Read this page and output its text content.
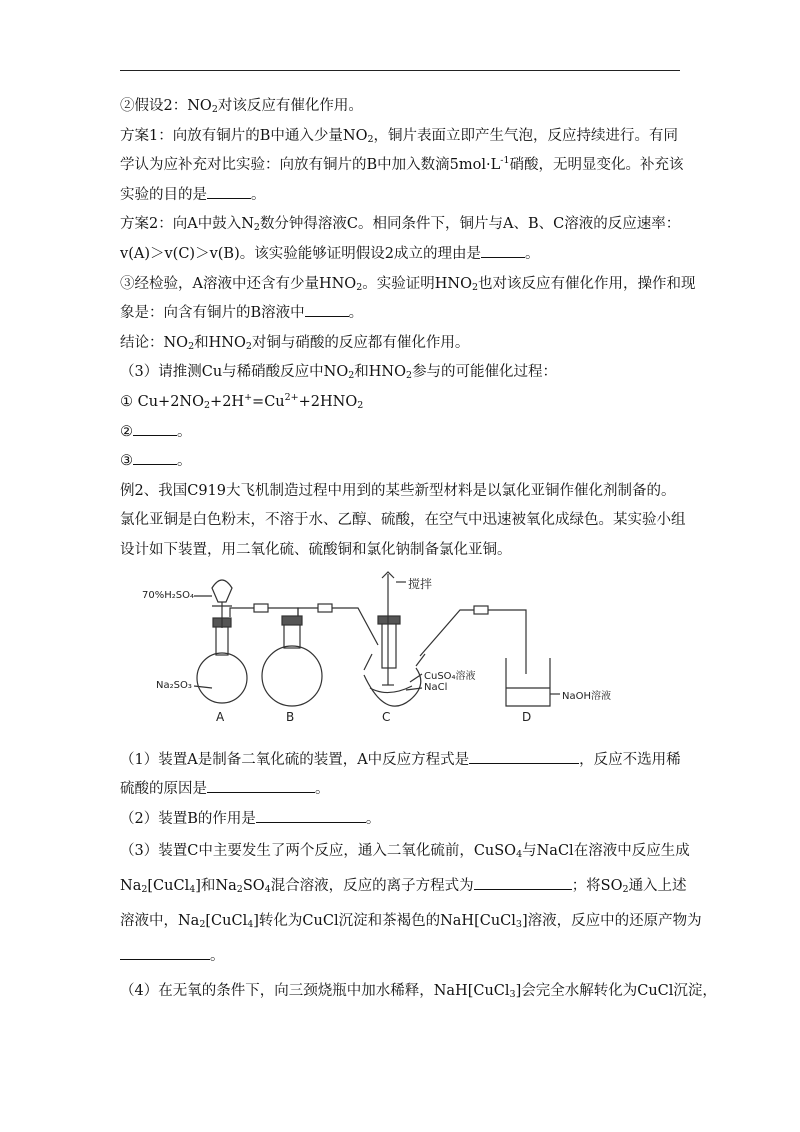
②假设2：$NO_2$对该反应有催化作用。
方案1：向放有铜片的B中通入少量$NO_2$，铜片表面立即产生气泡，反应持续进行。有同
学认为应补充对比实验：向放有铜片的B中加入数滴$5mol\cdot L^{-1}$硝酸，无明显变化。补充该
实验的目的是	。
方案2：向A中鼓入$N_2$数分钟得溶液C。相同条件下，铜片与A、B、C溶液的反应速率：
v(A)＞v(C)＞v(B)。该实验能够证明假设2成立的理由是	。
③经检验，A溶液中还含有少量$HNO_2$。实验证明$HNO_2$也对该反应有催化作用，操作和现
象是：向含有铜片的B溶液中	。
结论：$NO_2$和$HNO_2$对铜与硝酸的反应都有催化作用。
（3）请推测Cu与稀硝酸反应中$NO_2$和$HNO_2$参与的可能催化过程：
① $Cu+2NO_2+2H^+=Cu^{2+}+2HNO_2$
②	。
③	。
例2、我国C919大飞机制造过程中用到的某些新型材料是以氯化亚铜作催化剂制备的。
氯化亚铜是白色粉末，不溶于水、乙醇、硫酸，在空气中迅速被氧化成绿色。某实验小组
设计如下装置，用二氧化硫、硫酸铜和氯化钠制备氯化亚铜。
70%H₂SO₄
Na₂SO₃
搅拌
CuSO₄溶液
NaCl
NaOH溶液
A	B	C	D
（1）装置A是制备二氧化硫的装置，A中反应方程式是	，反应不选用稀
硫酸的原因是	。
（2）装置B的作用是	。
（3）装置C中主要发生了两个反应，通入二氧化硫前，CuSO$_4$与NaCl在溶液中反应生成
$Na_2[CuCl_4]$和$Na_2SO_4$混合溶液，反应的离子方程式为	；将$SO_2$通入上述
溶液中，$Na_2[CuCl_4]$转化为CuCl沉淀和茶褐色的NaH[CuCl$_3$]溶液，反应中的还原产物为
。
（4）在无氧的条件下，向三颈烧瓶中加水稀释，NaH[CuCl$_3$]会完全水解转化为CuCl沉淀，
